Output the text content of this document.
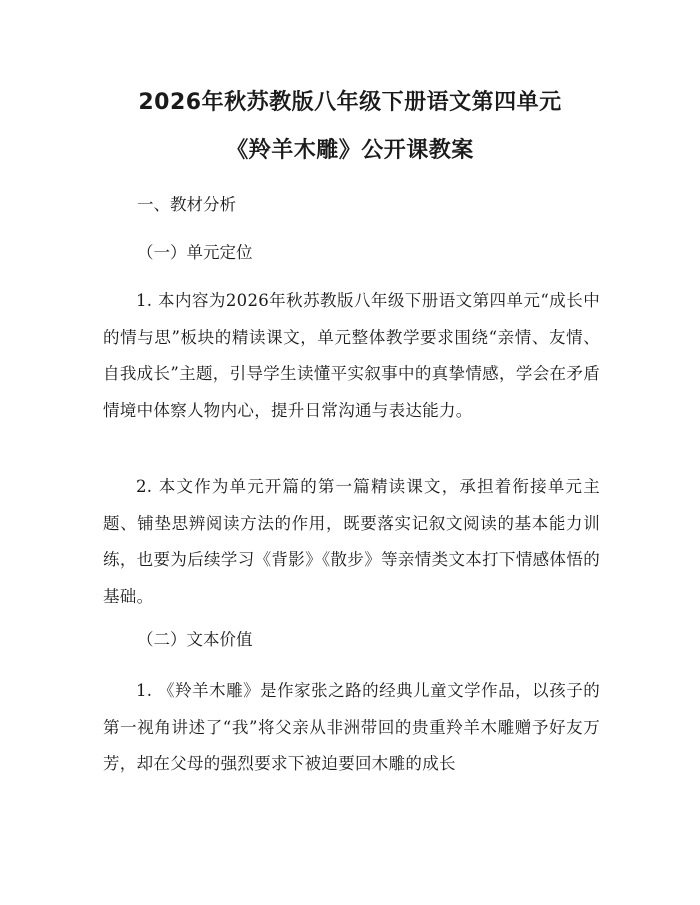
2026年秋苏教版八年级下册语文第四单元
《羚羊木雕》公开课教案

一、教材分析

（一）单元定位

1. 本内容为2026年秋苏教版八年级下册语文第四单元“成长中的情与思”板块的精读课文，单元整体教学要求围绕“亲情、友情、自我成长”主题，引导学生读懂平实叙事中的真挚情感，学会在矛盾情境中体察人物内心，提升日常沟通与表达能力。

2. 本文作为单元开篇的第一篇精读课文，承担着衔接单元主题、铺垫思辨阅读方法的作用，既要落实记叙文阅读的基本能力训练，也要为后续学习《背影》《散步》等亲情类文本打下情感体悟的基础。

（二）文本价值

1. 《羚羊木雕》是作家张之路的经典儿童文学作品，以孩子的第一视角讲述了“我”将父亲从非洲带回的贵重羚羊木雕赠予好友万芳，却在父母的强烈要求下被迫要回木雕的成长
